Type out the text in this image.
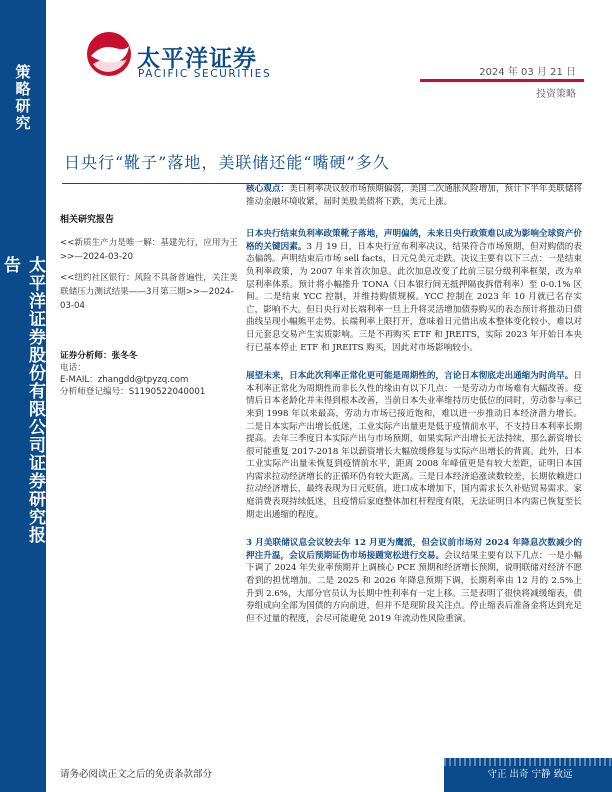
策略研究
太平洋证券股份有限公司证券研究报告
太平洋证券
PACIFIC SECURITIES	2024 年 03 月 21 日
投资策略
日央行“靴子”落地，美联储还能“嘴硬”多久
相关研究报告
<<新质生产力是唯一解：基建先行，应用为王>>—2024-03-20
<<纽约社区银行：风险不具备普遍性，关注美联储压力测试结果——3月第三期>>—2024-03-04
证券分析师：张冬冬
电话：
E-MAIL：zhangdd@tpyzq.com
分析师登记编号：S1190522040001

核心观点：美日利率决议较市场预期偏弱，美国二次通胀风险增加，预计下半年美联储将推动金融环境收紧，届时美股美债将下跌，美元上涨。

日本央行结束负利率政策靴子落地，声明偏鸽，未来日央行政策难以成为影响全球资产价格的关键因素。3 月 19 日，日本央行宣布利率决议，结果符合市场预期，但对购债的表态偏鸽。声明结束后市场 sell facts，日元兑美元走跌。决议主要有以下三点：一是结束负利率政策，为 2007 年来首次加息。此次加息改变了此前三层分级利率框架，改为单层利率体系。预计将小幅推升 TONA（日本银行间无抵押隔夜拆借利率）至 0-0.1% 区间。二是结束 YCC 控制，并维持购债规模。YCC 控制在 2023 年 10 月就已名存实亡，影响不大。但日央行对长端利率一旦上升将灵活增加债券购买的表态预计将推动日债曲线呈现小幅熊平走势。长端利率上限打开，意味着日元借出成本整体变化较小，难以对日元套息交易产生实质影响。三是不再购买 ETF 和 JREITS，实际 2023 年开始日本央行已基本停止 ETF 和 JREITS 购买，因此对市场影响较小。

展望未来，日本此次利率正常化更可能是周期性的，言论日本彻底走出通缩为时尚早。日本利率正常化为周期性而非长久性的缘由有以下几点：一是劳动力市场难有大幅改善。疫情后日本老龄化并未得到根本改善，当前日本失业率维持历史低位的同时，劳动参与率已来到 1998 年以来最高，劳动力市场已接近饱和，难以进一步推动日本经济潜力增长。二是日本实际产出增长低迷，工业实际产出量更是低于疫情前水平，不支持日本利率长期提高。去年三季度日本实际产出与市场预期，如果实际产出增长无法持续，那么薪资增长很可能重复 2017-2018 年以薪资增长大幅放缓修复与实际产出增长的背离。此外，日本工业实际产出量未恢复到疫情前水平，距离 2008 年峰值更是有较大差距，证明日本国内需求拉动经济增长的正循环仍有较大距离。三是日本经济追涨读数较差，长期依赖进口拉动经济增长，最终表现为日元贬值，进口成本增加下，国内需求长久补贴贸易需求。家庭消费表现持续低迷，且疫情后家庭整体加杠杆程度有限，无法证明日本内需已恢复至长期走出通缩的程度。

3 月美联储议息会议较去年 12 月更为鹰派，但会议前市场对 2024 年降息次数减少的押注升温，会议后预期证伪市场接踵宽松进行交易。会议结果主要有以下几点：一是小幅下调了 2024 年失业率预期并上调核心 PCE 预期和经济增长预期，说明联储对经济不愿看到的担忧增加。二是 2025 和 2026 年降息预期下调，长期利率由 12 月的 2.5%上升到 2.6%，大部分官员认为长期中性利率有一定上移。三是表明了很快将减缓缩表，债券组成向全部为国债的方向前进，但并不是现阶段关注点。停止缩表后准备金将达到充足但不过量的程度，会尽可能避免 2019 年流动性风险重演。

请务必阅读正文之后的免责条款部分	守正 出奇 宁静 致远
